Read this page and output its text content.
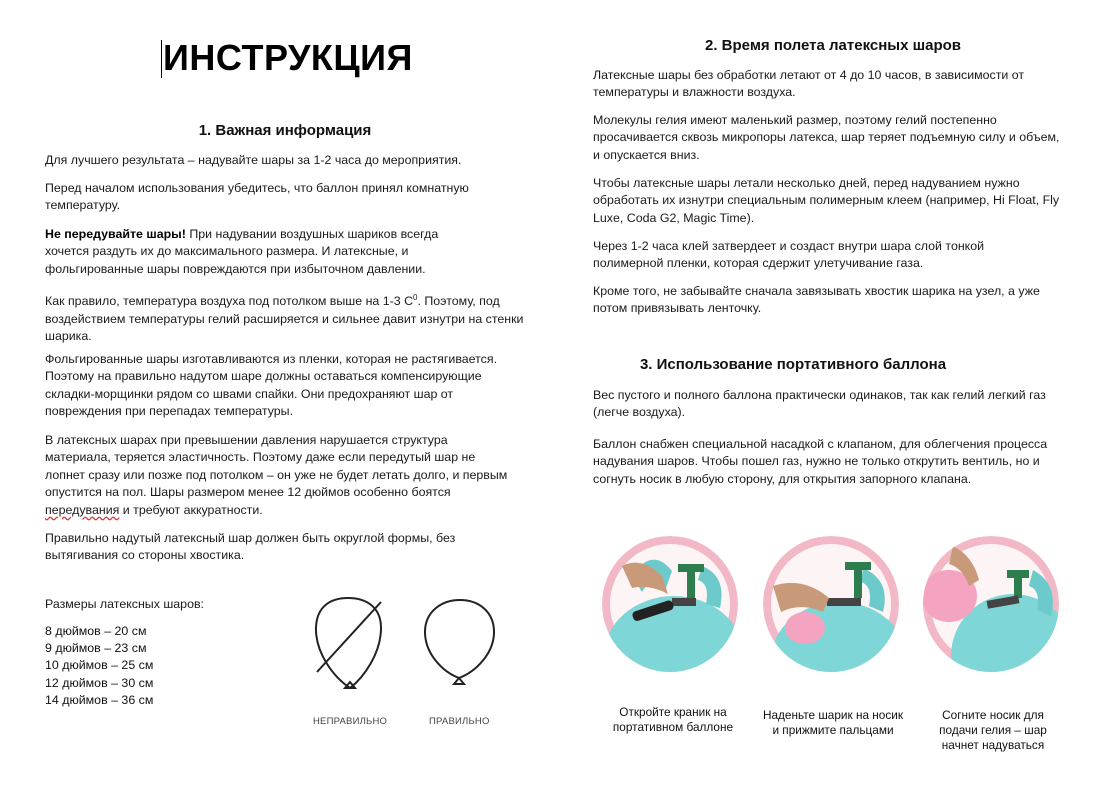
ИНСТРУКЦИЯ
1. Важная информация
Для лучшего результата – надувайте шары за 1-2 часа до мероприятия.
Перед началом использования убедитесь, что баллон принял комнатную температуру.
Не передувайте шары! При надувании воздушных шариков всегда хочется раздуть их до максимального размера. И латексные, и фольгированные шары повреждаются при избыточном давлении.
Как правило, температура воздуха под потолком выше на 1-3 $С^0$. Поэтому, под воздействием температуры гелий расширяется и сильнее давит изнутри на стенки шарика.
Фольгированные шары изготавливаются из пленки, которая не растягивается. Поэтому на правильно надутом шаре должны оставаться компенсирующие складки-морщинки рядом со швами спайки. Они предохраняют шар от повреждения при перепадах температуры.
В латексных шарах при превышении давления нарушается структура материала, теряется эластичность. Поэтому даже если передутый шар не лопнет сразу или позже под потолком – он уже не будет летать долго, и первым опустится на пол. Шары размером менее 12 дюймов особенно боятся передувания и требуют аккуратности.
Правильно надутый латексный шар должен быть округлой формы, без вытягивания со стороны хвостика.
Размеры латексных шаров:
8 дюймов – 20 см
9 дюймов – 23 см
10 дюймов – 25 см
12 дюймов – 30 см
14 дюймов – 36 см
НЕПРАВИЛЬНО	ПРАВИЛЬНО
2. Время полета латексных шаров
Латексные шары без обработки летают от 4 до 10 часов, в зависимости от температуры и влажности воздуха.
Молекулы гелия имеют маленький размер, поэтому гелий постепенно просачивается сквозь микропоры латекса, шар теряет подъемную силу и объем, и опускается вниз.
Чтобы латексные шары летали несколько дней, перед надуванием нужно обработать их изнутри специальным полимерным клеем (например, Hi Float, Fly Luxe, Coda G2, Magic Time).
Через 1-2 часа клей затвердеет и создаст внутри шара слой тонкой полимерной пленки, которая сдержит улетучивание газа.
Кроме того, не забывайте сначала завязывать хвостик шарика на узел, а уже потом привязывать ленточку.
3. Использование портативного баллона
Вес пустого и полного баллона практически одинаков, так как гелий легкий газ (легче воздуха).
Баллон снабжен специальной насадкой с клапаном, для облегчения процесса надувания шаров. Чтобы пошел газ, нужно не только открутить вентиль, но и согнуть носик в любую сторону, для открытия запорного клапана.
Откройте краник на
портативном баллоне
Наденьте шарик на носик
и прижмите пальцами
Согните носик для
подачи гелия – шар
начнет надуваться
